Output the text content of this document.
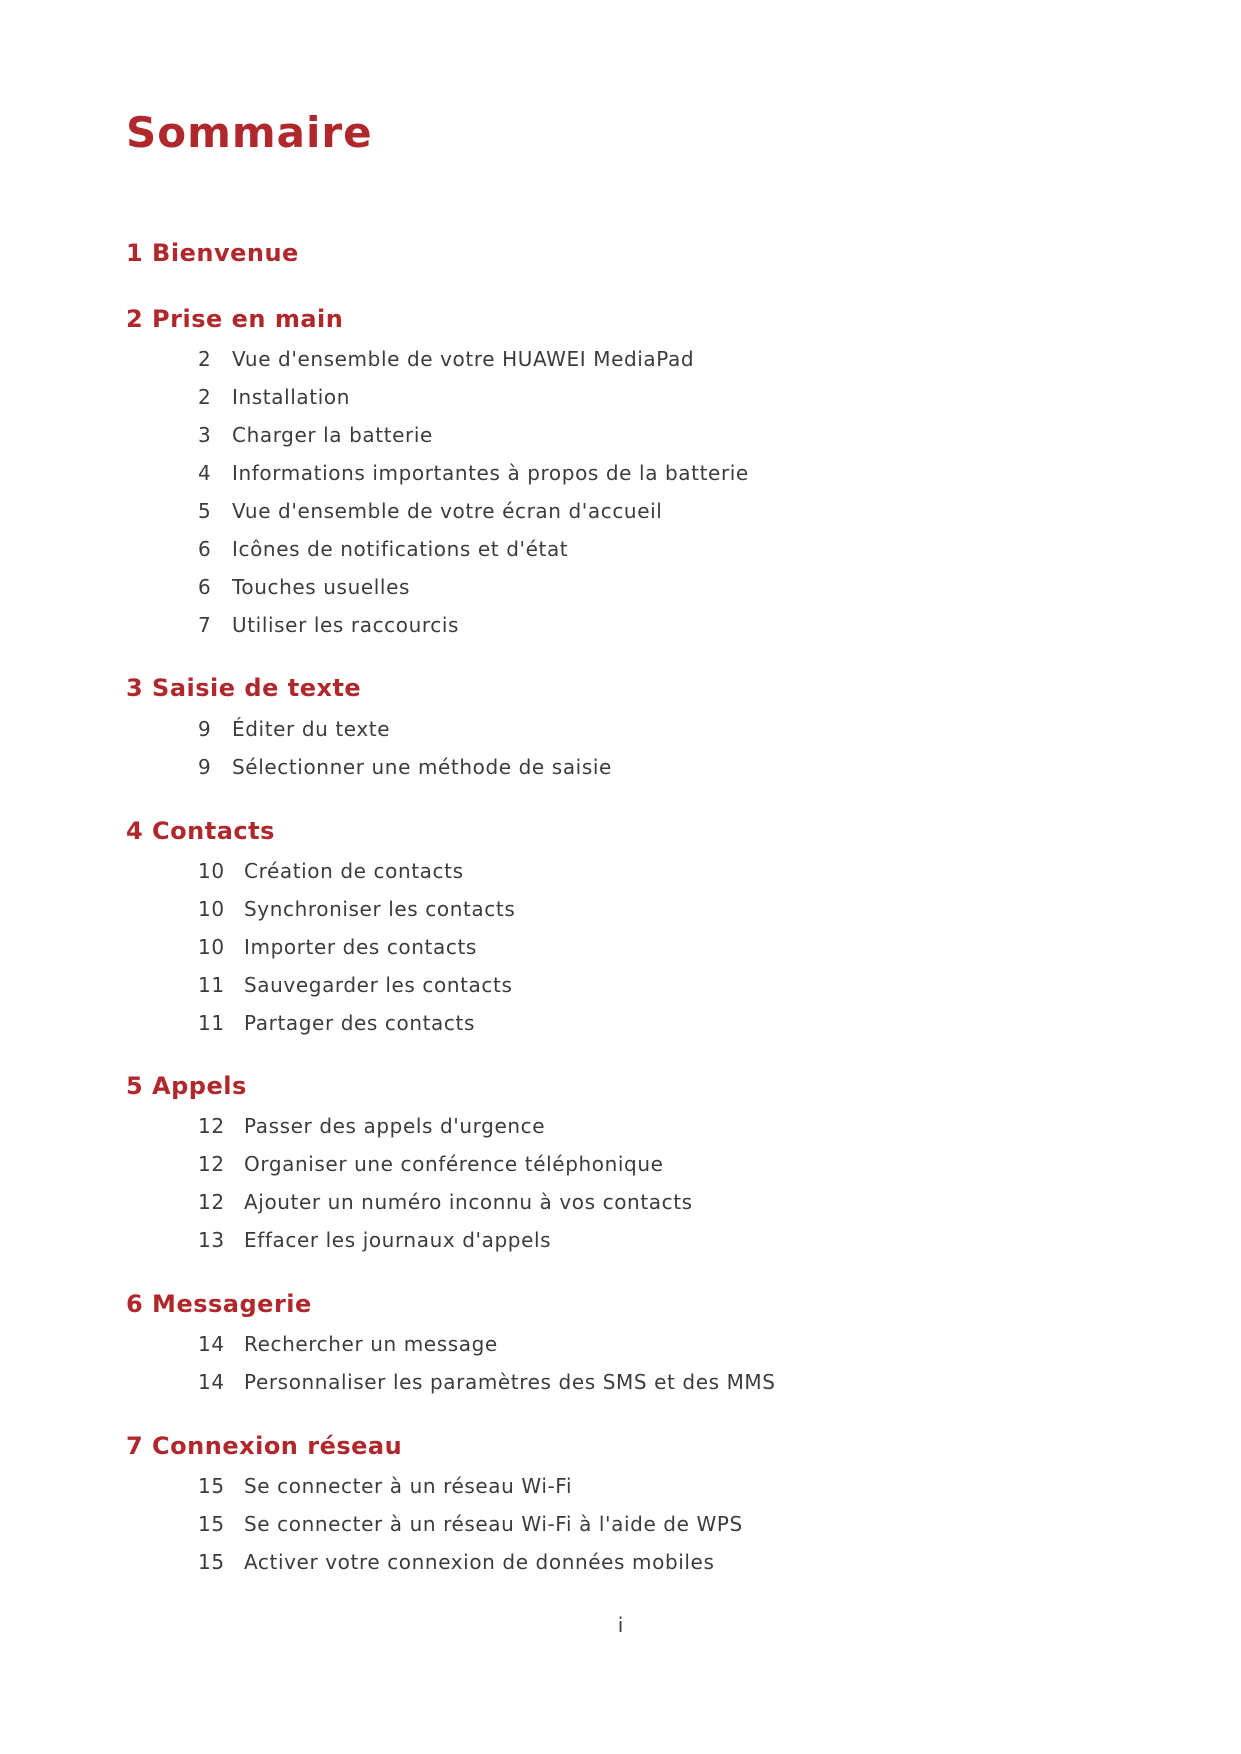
Sommaire
1 Bienvenue
2 Prise en main
2 Vue d'ensemble de votre HUAWEI MediaPad
2 Installation
3 Charger la batterie
4 Informations importantes à propos de la batterie
5 Vue d'ensemble de votre écran d'accueil
6 Icônes de notifications et d'état
6 Touches usuelles
7 Utiliser les raccourcis
3 Saisie de texte
9 Éditer du texte
9 Sélectionner une méthode de saisie
4 Contacts
10 Création de contacts
10 Synchroniser les contacts
10 Importer des contacts
11 Sauvegarder les contacts
11 Partager des contacts
5 Appels
12 Passer des appels d'urgence
12 Organiser une conférence téléphonique
12 Ajouter un numéro inconnu à vos contacts
13 Effacer les journaux d'appels
6 Messagerie
14 Rechercher un message
14 Personnaliser les paramètres des SMS et des MMS
7 Connexion réseau
15 Se connecter à un réseau Wi-Fi
15 Se connecter à un réseau Wi-Fi à l'aide de WPS
15 Activer votre connexion de données mobiles
i
